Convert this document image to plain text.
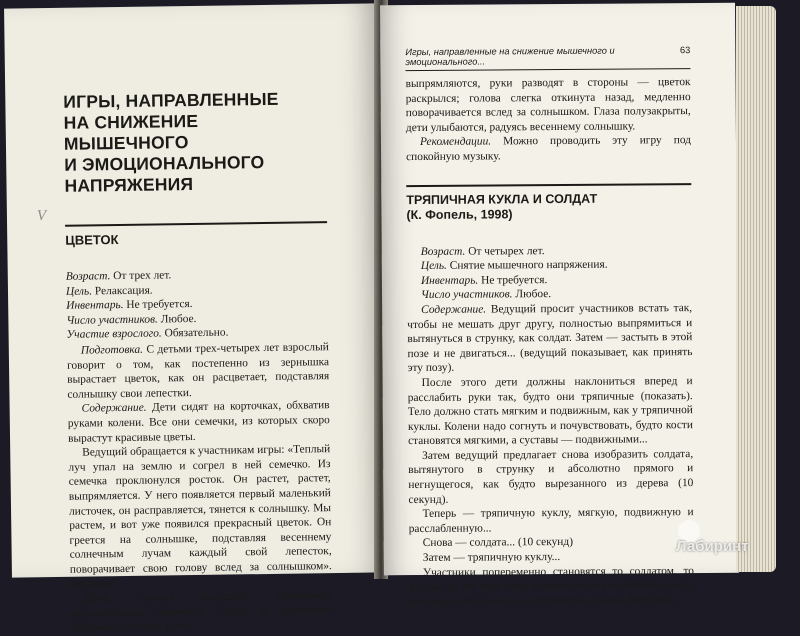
V
ИГРЫ, НАПРАВЛЕННЫЕ
НА СНИЖЕНИЕ МЫШЕЧНОГО
И ЭМОЦИОНАЛЬНОГО
НАПРЯЖЕНИЯ
ЦВЕТОК

Возраст. От трех лет.

Цель. Релаксация.

Инвентарь. Не требуется.

Число участников. Любое.

Участие взрослого. Обязательно.

Подготовка. С детьми трех-четырех лет взрослый говорит о том, как постепенно из зернышка вырастает цветок, как он расцветает, подставляя солнышку свои лепестки.

Содержание. Дети сидят на корточках, обхватив руками колени. Все они семечки, из которых скоро вырастут красивые цветы.

Ведущий обращается к участникам игры: «Теплый луч упал на землю и согрел в ней семечко. Из семечка проклюнулся росток. Он растет, растет, выпрямляется. У него появляется первый маленький листочек, он расправляется, тянется к солнышку. Мы растем, и вот уже появился прекрасный цветок. Он греется на солнышке, подставляя весеннему солнечным лучам каждый свой лепесток, поворачивает свою голову вслед за солнышком». Ведущий

Дети, слушая ведущего, выполняют выразительные движения: сидят на корточках; поднимают голову, руки;

Игры, направленные на снижение мышечного и эмоционального...
63

выпрямляются, руки разводят в стороны — цветок раскрылся; голова слегка откинута назад, медленно поворачивается вслед за солнышком. Глаза полузакрыты, дети улыбаются, радуясь весеннему солнышку.

Рекомендации. Можно проводить эту игру под спокойную музыку.

ТРЯПИЧНАЯ КУКЛА И СОЛДАТ
(К. Фопель, 1998)

Возраст. От четырех лет.

Цель. Снятие мышечного напряжения.

Инвентарь. Не требуется.

Число участников. Любое.

Содержание. Ведущий просит участников встать так, чтобы не мешать друг другу, полностью выпрямиться и вытянуться в струнку, как солдат. Затем — застыть в этой позе и не двигаться... (ведущий показывает, как принять эту позу).

После этого дети должны наклониться вперед и расслабить руки так, будто они тряпичные (показать). Тело должно стать мягким и подвижным, как у тряпичной куклы. Колени надо согнуть и почувствовать, будто кости становятся мягкими, а суставы — подвижными...

Затем ведущий предлагает снова изобразить солдата, вытянутого в струнку и абсолютно прямого и негнущегося, как будто вырезанного из дерева (10 секунд).

Теперь — тряпичную куклу, мягкую, подвижную и расслабленную...

Снова — солдата... (10 секунд)

Затем — тряпичную куклу...

Участники попеременно становятся то солдатом, то куклой до тех пор, пока полностью не расслабятся, после чего ведущий просит их встряхнуть руками, будто они

Лабиринт
